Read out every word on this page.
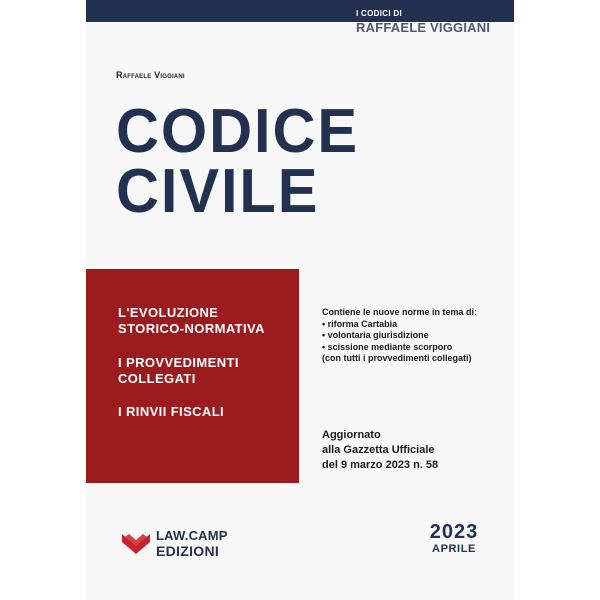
I CODICI DI
RAFFAELE VIGGIANI
Raffaele Viggiani
CODICE
CIVILE
L'EVOLUZIONE
STORICO-NORMATIVA
I PROVVEDIMENTI
COLLEGATI
I RINVII FISCALI
Contiene le nuove norme in tema di:
• riforma Cartabia
• volontaria giurisdizione
• scissione mediante scorporo
(con tutti i provvedimenti collegati)
Aggiornato
alla Gazzetta Ufficiale
del 9 marzo 2023 n. 58
LAW.CAMP
EDIZIONI
2023
APRILE
